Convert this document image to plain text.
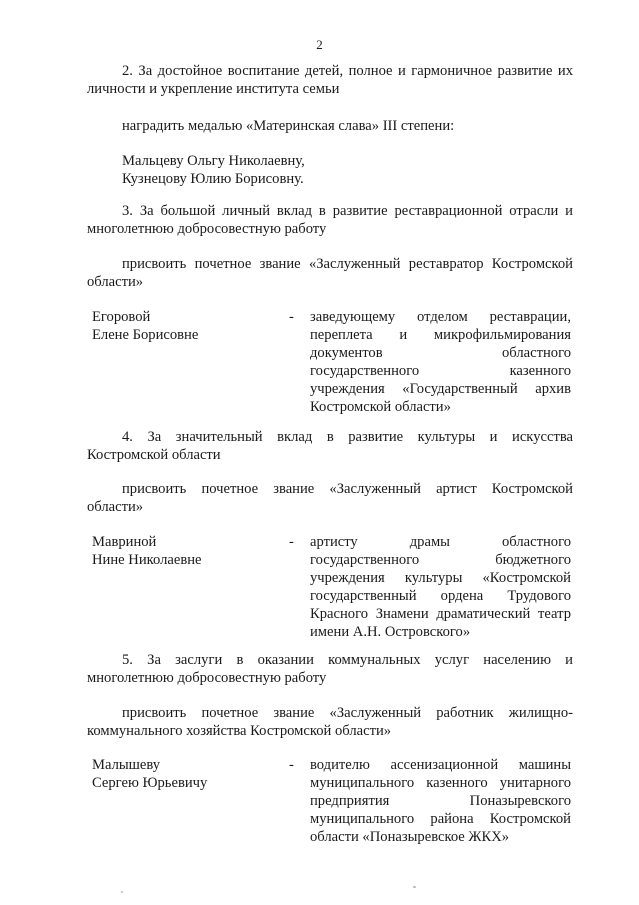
2
2. За достойное воспитание детей, полное и гармоничное развитие их
личности и укрепление института семьи
наградить медалью «Материнская слава» III степени:
Мальцеву Ольгу Николаевну,
Кузнецову Юлию Борисовну.
3. За большой личный вклад в развитие реставрационной отрасли и
многолетнюю добросовестную работу
присвоить почетное звание «Заслуженный реставратор Костромской
области»
Егоровой
Елене Борисовне
- заведующему отделом реставрации,
переплета и микрофильмирования
документов областного
государственного казенного
учреждения «Государственный архив
Костромской области»
4. За значительный вклад в развитие культуры и искусства
Костромской области
присвоить почетное звание «Заслуженный артист Костромской
области»
Мавриной
Нине Николаевне
- артисту драмы областного
государственного бюджетного
учреждения культуры «Костромской
государственный ордена Трудового
Красного Знамени драматический театр
имени А.Н. Островского»
5. За заслуги в оказании коммунальных услуг населению и
многолетнюю добросовестную работу
присвоить почетное звание «Заслуженный работник жилищно-
коммунального хозяйства Костромской области»
Малышеву
Сергею Юрьевичу
- водителю ассенизационной машины
муниципального казенного унитарного
предприятия Поназыревского
муниципального района Костромской
области «Поназыревское ЖКХ»
